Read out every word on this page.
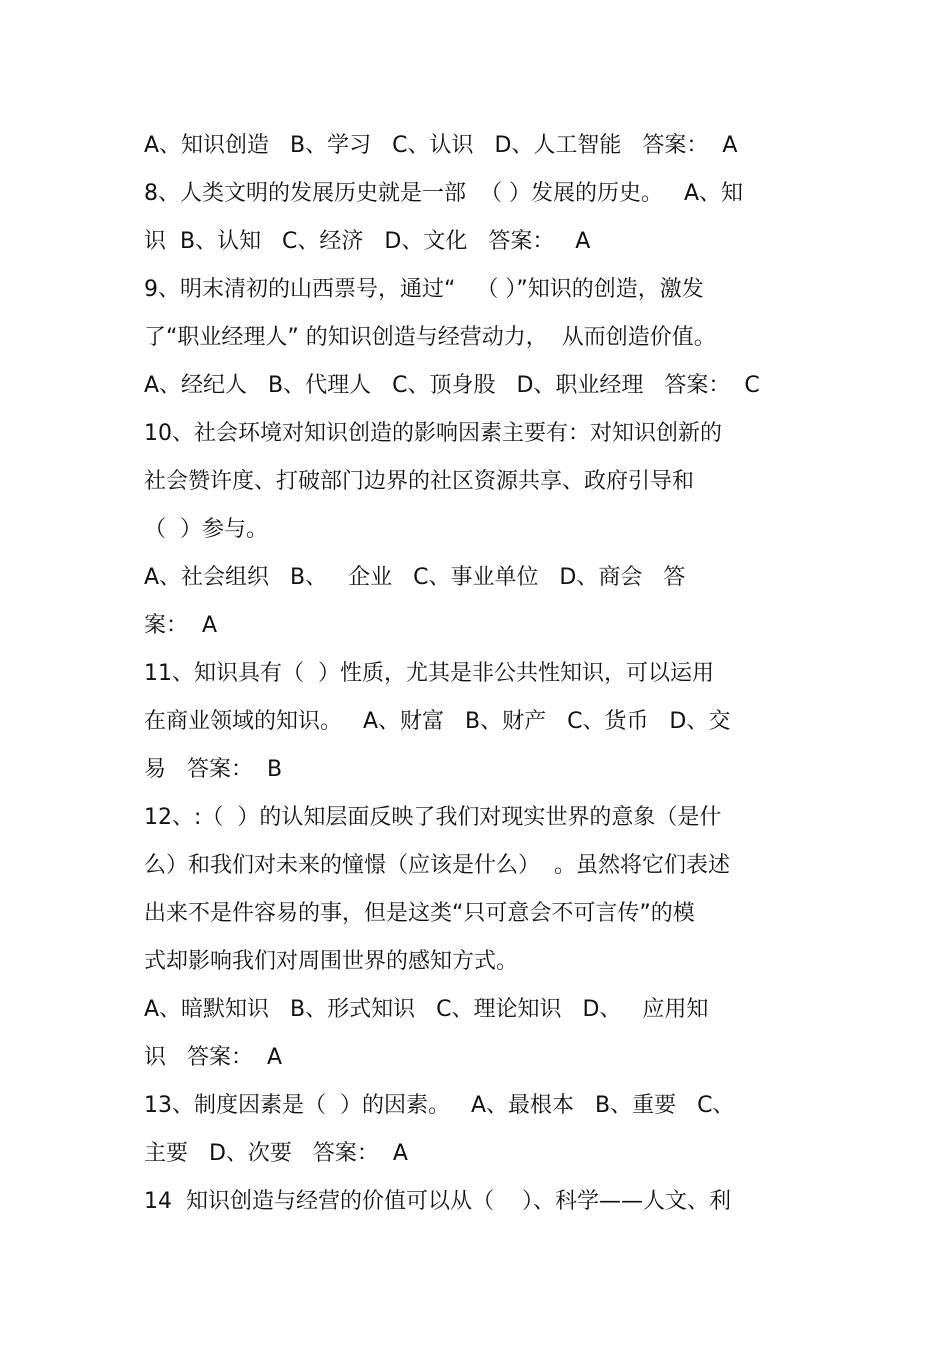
A、知识创造   B、学习   C、认识   D、人工智能   答案：  A
8、人类文明的发展历史就是一部  （ ）发展的历史。   A、知
识  B、认知   C、经济   D、文化   答案：   A
9、明末清初的山西票号，通过“   （ ）”知识的创造，激发
了“职业经理人” 的知识创造与经营动力，  从而创造价值。
A、经纪人   B、代理人   C、顶身股   D、职业经理   答案：  C
10、社会环境对知识创造的影响因素主要有：对知识创新的
社会赞许度、打破部门边界的社区资源共享、政府引导和
（  ）参与。
A、社会组织   B、   企业   C、事业单位   D、商会   答
案：  A
11、知识具有（  ）性质，尤其是非公共性知识，可以运用
在商业领域的知识。   A、财富   B、财产   C、货币   D、交
易   答案：  B
12、:（  ）的认知层面反映了我们对现实世界的意象（是什
么）和我们对未来的憧憬（应该是什么）  。虽然将它们表述
出来不是件容易的事，但是这类“只可意会不可言传”的模
式却影响我们对周围世界的感知方式。
A、暗默知识   B、形式知识   C、理论知识   D、   应用知
识   答案：  A
13、制度因素是（  ）的因素。   A、最根本   B、重要   C、
主要   D、次要   答案：  A
14  知识创造与经营的价值可以从（    ）、科学——人文、利
